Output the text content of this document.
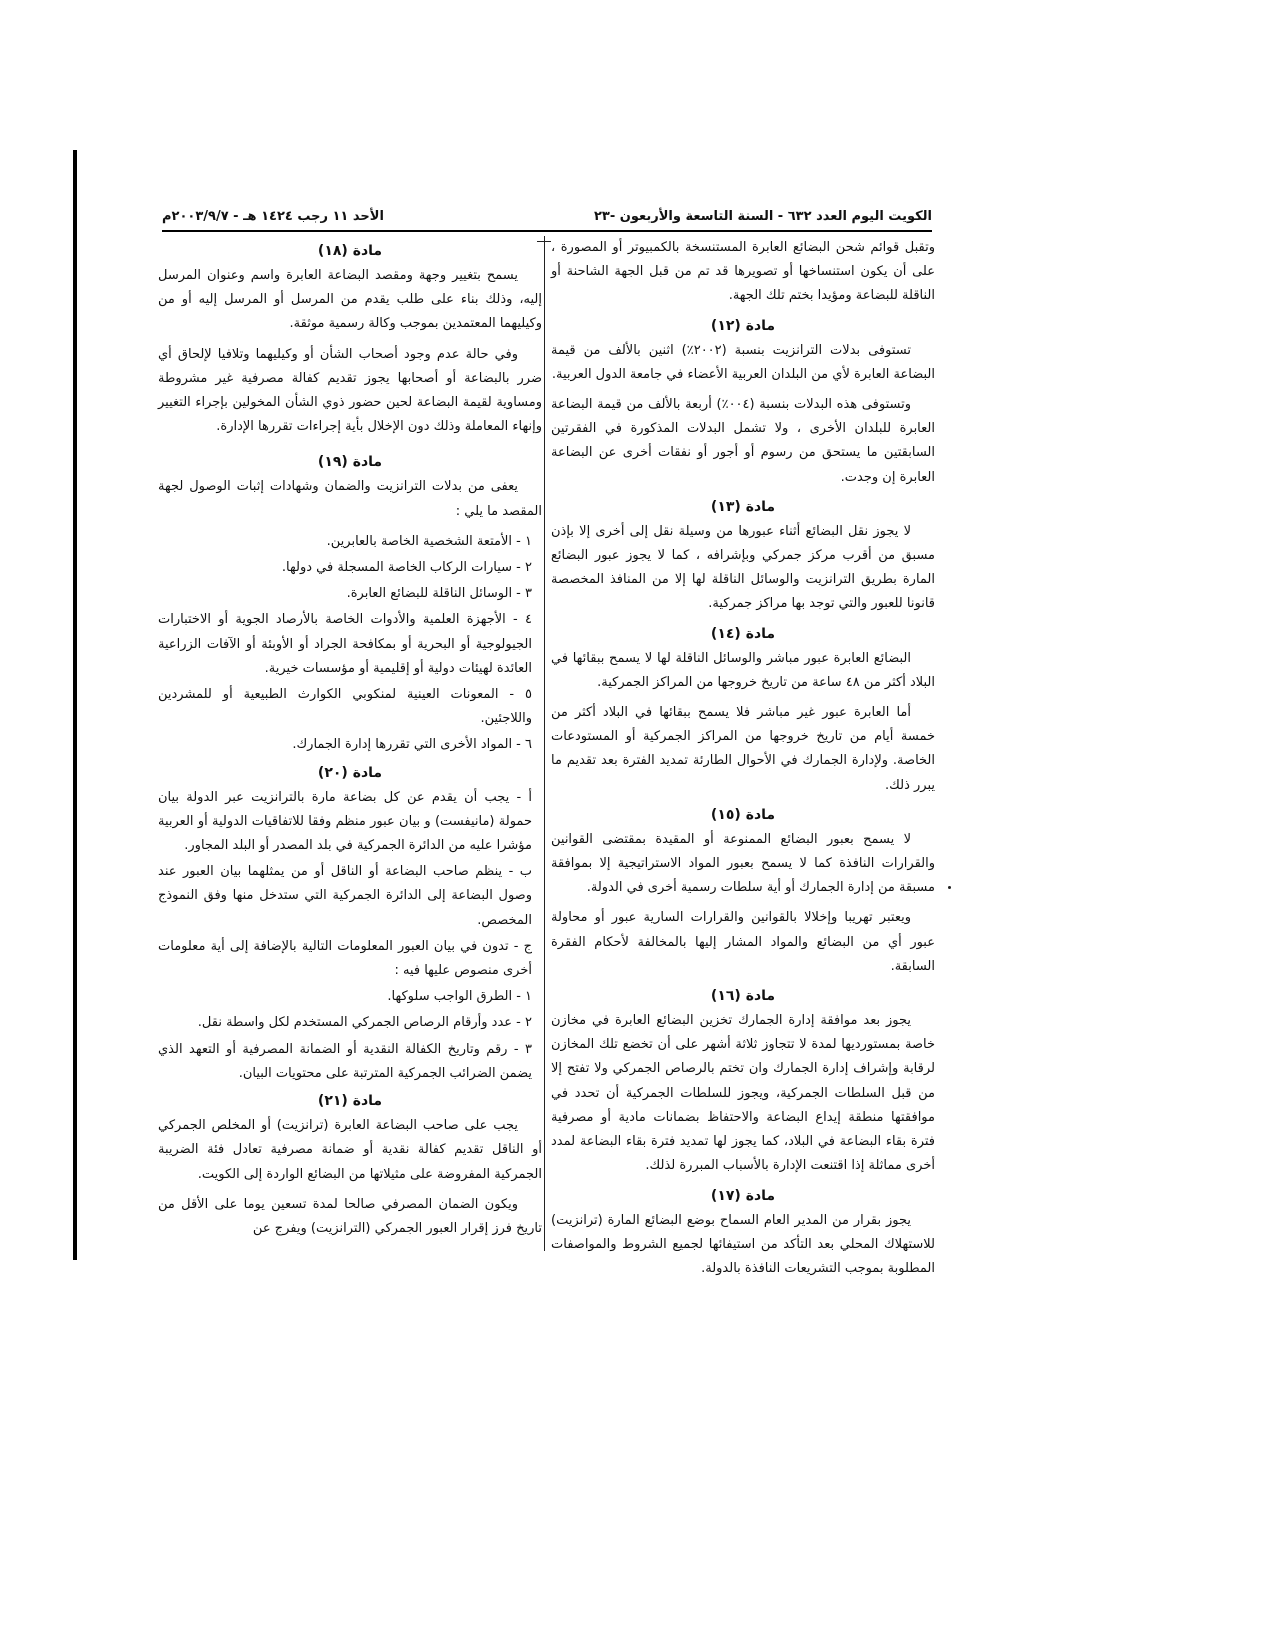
الكويت اليوم العدد ٦٣٢ - السنة التاسعة والأربعون -٢٣
الأحد ١١ رجب ١٤٢٤ هـ - ٢٠٠٣/٩/٧م

وتقبل قوائم شحن البضائع العابرة المستنسخة بالكمبيوتر أو المصورة ، على أن يكون استنساخها أو تصويرها قد تم من قبل الجهة الشاحنة أو الناقلة للبضاعة ومؤيدا بختم تلك الجهة.

مادة (١٢)

تستوفى بدلات الترانزيت بنسبة (٢٠٠٢٪) اثنين بالألف من قيمة البضاعة العابرة لأي من البلدان العربية الأعضاء في جامعة الدول العربية.

وتستوفى هذه البدلات بنسبة (٠٠٤٪) أربعة بالألف من قيمة البضاعة العابرة للبلدان الأخرى ، ولا تشمل البدلات المذكورة في الفقرتين السابقتين ما يستحق من رسوم أو أجور أو نفقات أخرى عن البضاعة العابرة إن وجدت.

مادة (١٣)

لا يجوز نقل البضائع أثناء عبورها من وسيلة نقل إلى أخرى إلا بإذن مسبق من أقرب مركز جمركي وبإشرافه ، كما لا يجوز عبور البضائع المارة بطريق الترانزيت والوسائل الناقلة لها إلا من المنافذ المخصصة قانونا للعبور والتي توجد بها مراكز جمركية.

مادة (١٤)

البضائع العابرة عبور مباشر والوسائل الناقلة لها لا يسمح ببقائها في البلاد أكثر من ٤٨ ساعة من تاريخ خروجها من المراكز الجمركية.

أما العابرة عبور غير مباشر فلا يسمح ببقائها في البلاد أكثر من خمسة أيام من تاريخ خروجها من المراكز الجمركية أو المستودعات الخاصة. ولإدارة الجمارك في الأحوال الطارئة تمديد الفترة بعد تقديم ما يبرر ذلك.

مادة (١٥)

لا يسمح بعبور البضائع الممنوعة أو المقيدة بمقتضى القوانين والقرارات النافذة كما لا يسمح بعبور المواد الاستراتيجية إلا بموافقة مسبقة من إدارة الجمارك أو أية سلطات رسمية أخرى في الدولة.

ويعتبر تهريبا وإخلالا بالقوانين والقرارات السارية عبور أو محاولة عبور أي من البضائع والمواد المشار إليها بالمخالفة لأحكام الفقرة السابقة.

مادة (١٦)

يجوز بعد موافقة إدارة الجمارك تخزين البضائع العابرة في مخازن خاصة بمستورديها لمدة لا تتجاوز ثلاثة أشهر على أن تخضع تلك المخازن لرقابة وإشراف إدارة الجمارك وان تختم بالرصاص الجمركي ولا تفتح إلا من قبل السلطات الجمركية، ويجوز للسلطات الجمركية أن تحدد في موافقتها منطقة إيداع البضاعة والاحتفاظ بضمانات مادية أو مصرفية فترة بقاء البضاعة في البلاد، كما يجوز لها تمديد فترة بقاء البضاعة لمدد أخرى مماثلة إذا اقتنعت الإدارة بالأسباب المبررة لذلك.

مادة (١٧)

يجوز بقرار من المدير العام السماح بوضع البضائع المارة (ترانزيت) للاستهلاك المحلي بعد التأكد من استيفائها لجميع الشروط والمواصفات المطلوبة بموجب التشريعات النافذة بالدولة.

مادة (١٨)

يسمح بتغيير وجهة ومقصد البضاعة العابرة واسم وعنوان المرسل إليه، وذلك بناء على طلب يقدم من المرسل أو المرسل إليه أو من وكيليهما المعتمدين بموجب وكالة رسمية موثقة.

وفي حالة عدم وجود أصحاب الشأن أو وكيليهما وتلافيا لإلحاق أي ضرر بالبضاعة أو أصحابها يجوز تقديم كفالة مصرفية غير مشروطة ومساوية لقيمة البضاعة لحين حضور ذوي الشأن المخولين بإجراء التغيير وإنهاء المعاملة وذلك دون الإخلال بأية إجراءات تقررها الإدارة.

مادة (١٩)

يعفى من بدلات الترانزيت والضمان وشهادات إثبات الوصول لجهة المقصد ما يلي :

١ - الأمتعة الشخصية الخاصة بالعابرين.

٢ - سيارات الركاب الخاصة المسجلة في دولها.

٣ - الوسائل الناقلة للبضائع العابرة.

٤ - الأجهزة العلمية والأدوات الخاصة بالأرصاد الجوية أو الاختبارات الجيولوجية أو البحرية أو بمكافحة الجراد أو الأوبئة أو الآفات الزراعية العائدة لهيئات دولية أو إقليمية أو مؤسسات خيرية.

٥ - المعونات العينية لمنكوبي الكوارث الطبيعية أو للمشردين واللاجئين.

٦ - المواد الأخرى التي تقررها إدارة الجمارك.

مادة (٢٠)

أ - يجب أن يقدم عن كل بضاعة مارة بالترانزيت عبر الدولة بيان حمولة (مانيفست) و بيان عبور منظم وفقا للاتفاقيات الدولية أو العربية مؤشرا عليه من الدائرة الجمركية في بلد المصدر أو البلد المجاور.

ب - ينظم صاحب البضاعة أو الناقل أو من يمثلهما بيان العبور عند وصول البضاعة إلى الدائرة الجمركية التي ستدخل منها وفق النموذج المخصص.

ج - تدون في بيان العبور المعلومات التالية بالإضافة إلى أية معلومات أخرى منصوص عليها فيه :

١ - الطرق الواجب سلوكها.

٢ - عدد وأرقام الرصاص الجمركي المستخدم لكل واسطة نقل.

٣ - رقم وتاريخ الكفالة النقدية أو الضمانة المصرفية أو التعهد الذي يضمن الضرائب الجمركية المترتبة على محتويات البيان.

مادة (٢١)

يجب على صاحب البضاعة العابرة (ترانزيت) أو المخلص الجمركي أو الناقل تقديم كفالة نقدية أو ضمانة مصرفية تعادل فئة الضريبة الجمركية المفروضة على مثيلاتها من البضائع الواردة إلى الكويت.

ويكون الضمان المصرفي صالحا لمدة تسعين يوما على الأقل من تاريخ فرز إقرار العبور الجمركي (الترانزيت) ويفرج عن
